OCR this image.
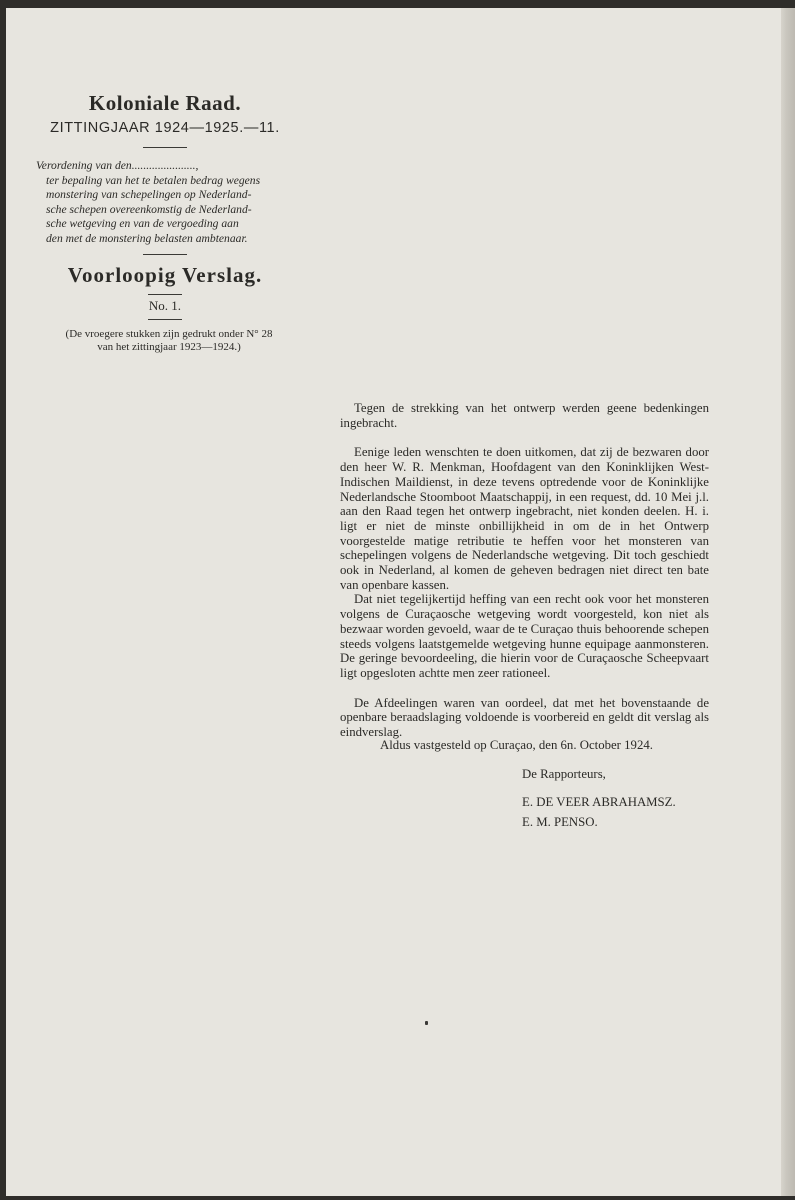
Koloniale Raad.
ZITTINGJAAR 1924—1925.—11.
Verordening van den......................,
ter bepaling van het te betalen bedrag wegens
monstering van schepelingen op Nederland-
sche schepen overeenkomstig de Nederland-
sche wetgeving en van de vergoeding aan
den met de monstering belasten ambtenaar.
Voorloopig Verslag.
No. 1.
(De vroegere stukken zijn gedrukt onder N° 28
van het zittingjaar 1923—1924.)

Tegen de strekking van het ontwerp werden geene bedenkingen ingebracht.

Eenige leden wenschten te doen uitkomen, dat zij de bezwaren door den heer W. R. Menkman, Hoofdagent van den Koninklijken West-Indischen Maildienst, in deze tevens optredende voor de Koninklijke Nederlandsche Stoomboot Maatschappij, in een request, dd. 10 Mei j.l. aan den Raad tegen het ontwerp ingebracht, niet konden deelen. H. i. ligt er niet de minste onbillijkheid in om de in het Ontwerp voorgestelde matige retributie te heffen voor het monsteren van schepelingen volgens de Nederlandsche wetgeving. Dit toch geschiedt ook in Nederland, al komen de geheven bedragen niet direct ten bate van openbare kassen.

Dat niet tegelijkertijd heffing van een recht ook voor het monsteren volgens de Curaçaosche wetgeving wordt voorgesteld, kon niet als bezwaar worden gevoeld, waar de te Curaçao thuis behoorende schepen steeds volgens laatstgemelde wetgeving hunne equipage aanmonsteren. De geringe bevoordeeling, die hierin voor de Curaçaosche Scheepvaart ligt opgesloten achtte men zeer rationeel.

De Afdeelingen waren van oordeel, dat met het bovenstaande de openbare beraadslaging voldoende is voorbereid en geldt dit verslag als eindverslag.

Aldus vastgesteld op Curaçao, den 6n. October 1924.
De Rapporteurs,
E. DE VEER ABRAHAMSZ.
E. M. PENSO.
